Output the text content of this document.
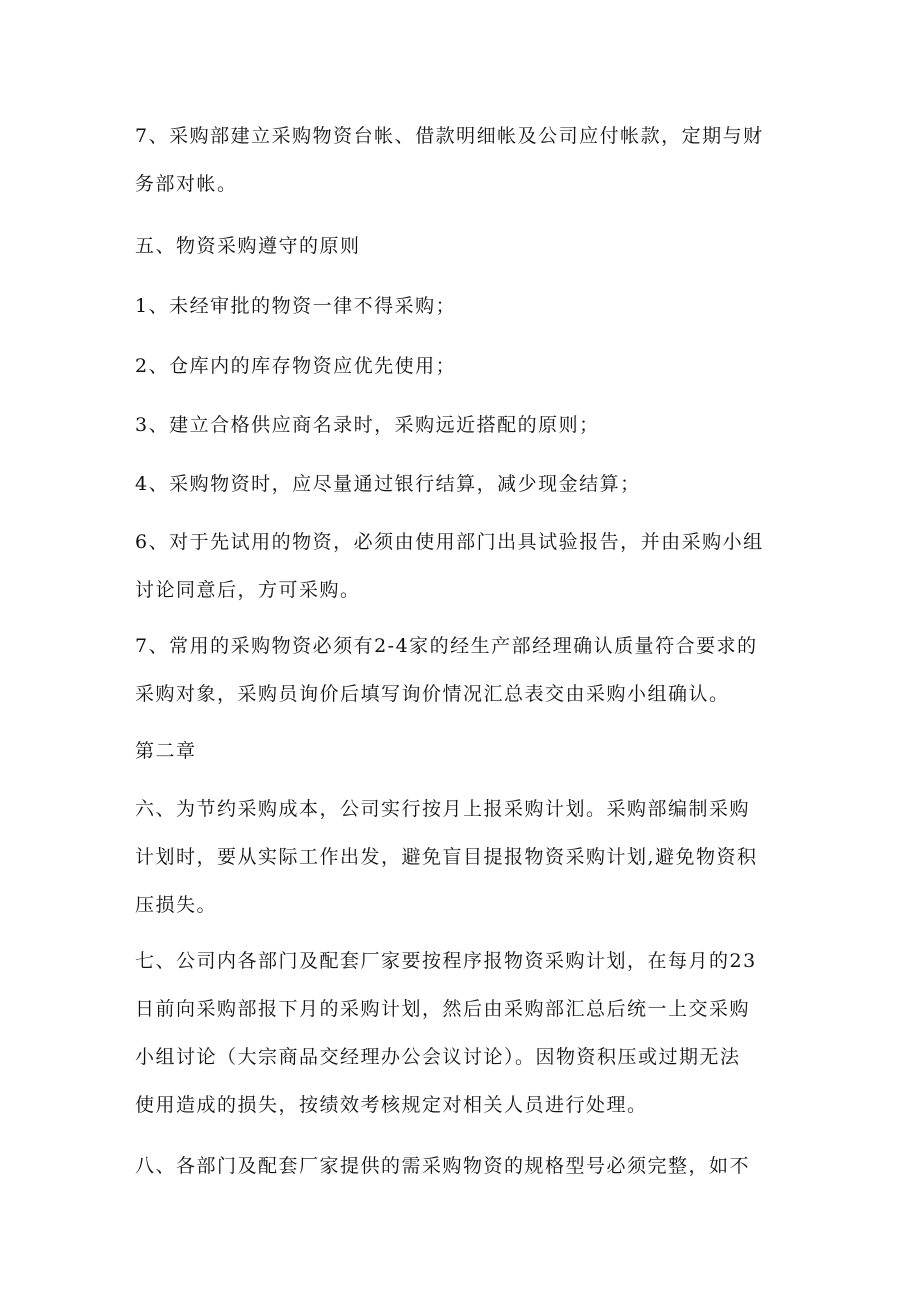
7、采购部建立采购物资台帐、借款明细帐及公司应付帐款，定期与财
务部对帐。
五、物资采购遵守的原则
1、未经审批的物资一律不得采购；
2、仓库内的库存物资应优先使用；
3、建立合格供应商名录时，采购远近搭配的原则；
4、采购物资时，应尽量通过银行结算，减少现金结算；
6、对于先试用的物资，必须由使用部门出具试验报告，并由采购小组
讨论同意后，方可采购。
7、常用的采购物资必须有2-4家的经生产部经理确认质量符合要求的
采购对象，采购员询价后填写询价情况汇总表交由采购小组确认。
第二章
六、为节约采购成本，公司实行按月上报采购计划。采购部编制采购
计划时，要从实际工作出发，避免盲目提报物资采购计划,避免物资积
压损失。
七、公司内各部门及配套厂家要按程序报物资采购计划，在每月的23
日前向采购部报下月的采购计划，然后由采购部汇总后统一上交采购
小组讨论（大宗商品交经理办公会议讨论）。因物资积压或过期无法
使用造成的损失，按绩效考核规定对相关人员进行处理。
八、各部门及配套厂家提供的需采购物资的规格型号必须完整，如不
